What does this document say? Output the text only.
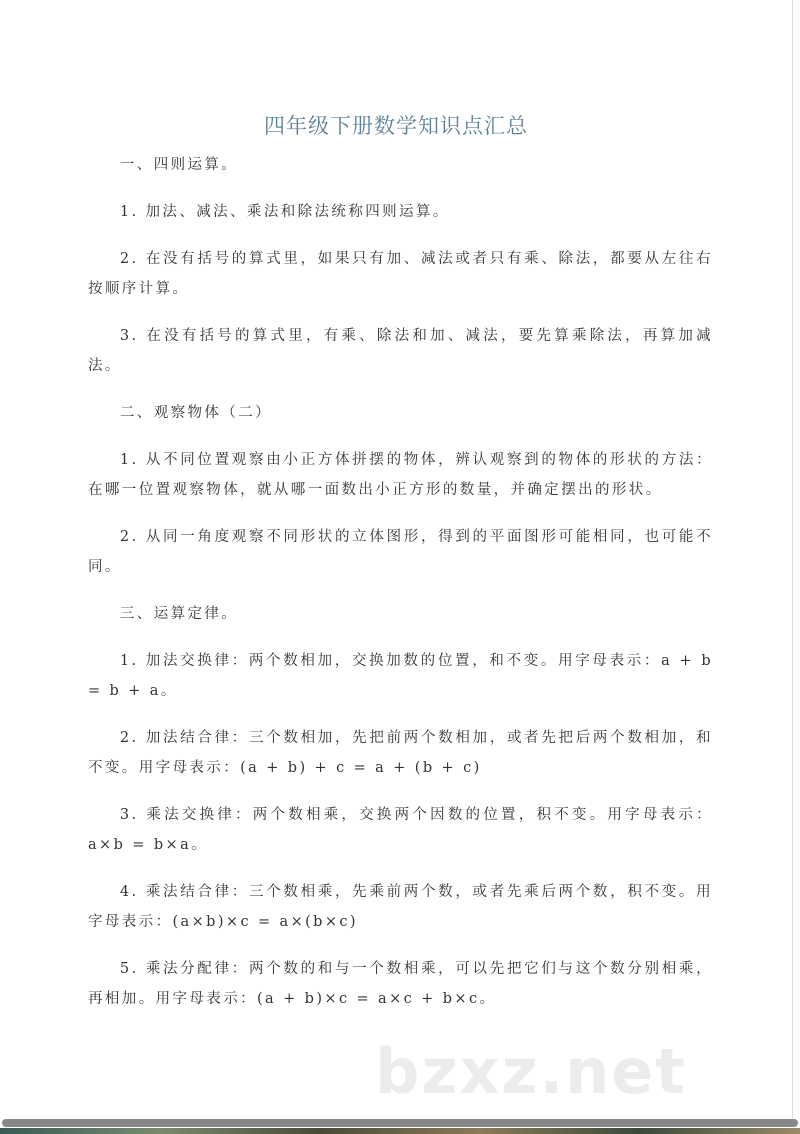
四年级下册数学知识点汇总

一、四则运算。

1. 加法、减法、乘法和除法统称四则运算。

2. 在没有括号的算式里，如果只有加、减法或者只有乘、除法，都要从左往右按顺序计算。

3. 在没有括号的算式里，有乘、除法和加、减法，要先算乘除法，再算加减法。

二、观察物体（二）

1. 从不同位置观察由小正方体拼摆的物体，辨认观察到的物体的形状的方法：在哪一位置观察物体，就从哪一面数出小正方形的数量，并确定摆出的形状。

2. 从同一角度观察不同形状的立体图形，得到的平面图形可能相同，也可能不同。

三、运算定律。

1. 加法交换律：两个数相加，交换加数的位置，和不变。用字母表示：a + b = b + a。

2. 加法结合律：三个数相加，先把前两个数相加，或者先把后两个数相加，和不变。用字母表示：(a + b) + c = a + (b + c)

3. 乘法交换律：两个数相乘，交换两个因数的位置，积不变。用字母表示：a×b = b×a。

4. 乘法结合律：三个数相乘，先乘前两个数，或者先乘后两个数，积不变。用字母表示：(a×b)×c = a×(b×c)

5. 乘法分配律：两个数的和与一个数相乘，可以先把它们与这个数分别相乘，再相加。用字母表示：(a + b)×c = a×c + b×c。

bzxz.net
